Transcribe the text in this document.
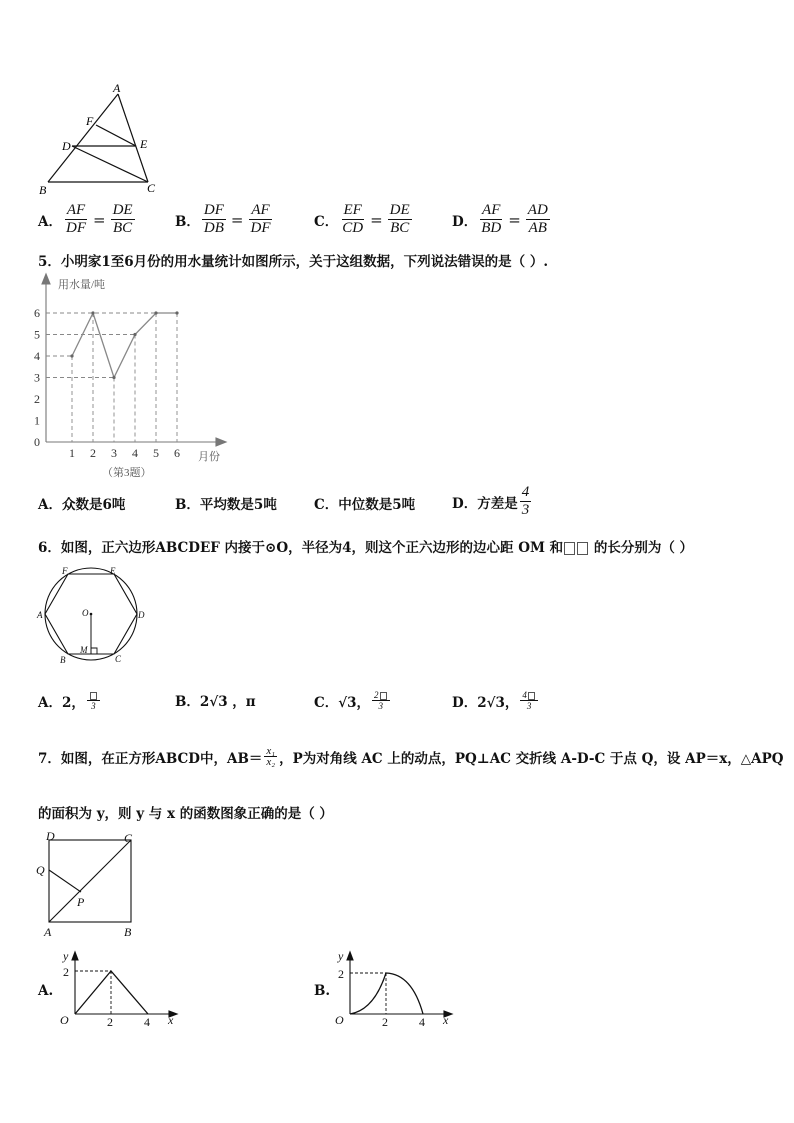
A
F
D	E
B	C
A． $\frac{AF}{DF} = \frac{DE}{BC}$	B． $\frac{DF}{DB} = \frac{AF}{DF}$	C． $\frac{EF}{CD} = \frac{DE}{BC}$	D． $\frac{AF}{BD} = \frac{AD}{AB}$
5．小明家1至6月份的用水量统计如图所示，关于这组数据，下列说法错误的是（ ）.
0
1
2
3
4
5
6
1 2 3 4 5 6
用水量/吨
月份
（第3题）
A． 众数是6吨	B． 平均数是5吨	C． 中位数是5吨	D． 方差是 $\frac{4}{3}$
6．如图，正六边形ABCDEF 内接于⊙O，半径为4，则这个正六边形的边心距 OM 和 的长分别为（ ）
F	E
A	D
B	C
O
M
A． 2， 3	B． 2√3 ，π	C． √3， $\frac{2}{3}$	D． 2√3， $\frac{4}{3}$
7．如图，在正方形ABCD中，$AB= \frac{\text{x₁}}{\text{x₂}}$ ，P为对角线 AC 上的动点，PQ⊥AC 交折线 A-D-C 于点 Q，设 AP＝x，△APQ
的面积为 y，则 y 与 x 的函数图象正确的是（ ）
D	C
Q
P
A	B
A.
y
2
O	2	4 x
B.
y
2
O	2	4 x
